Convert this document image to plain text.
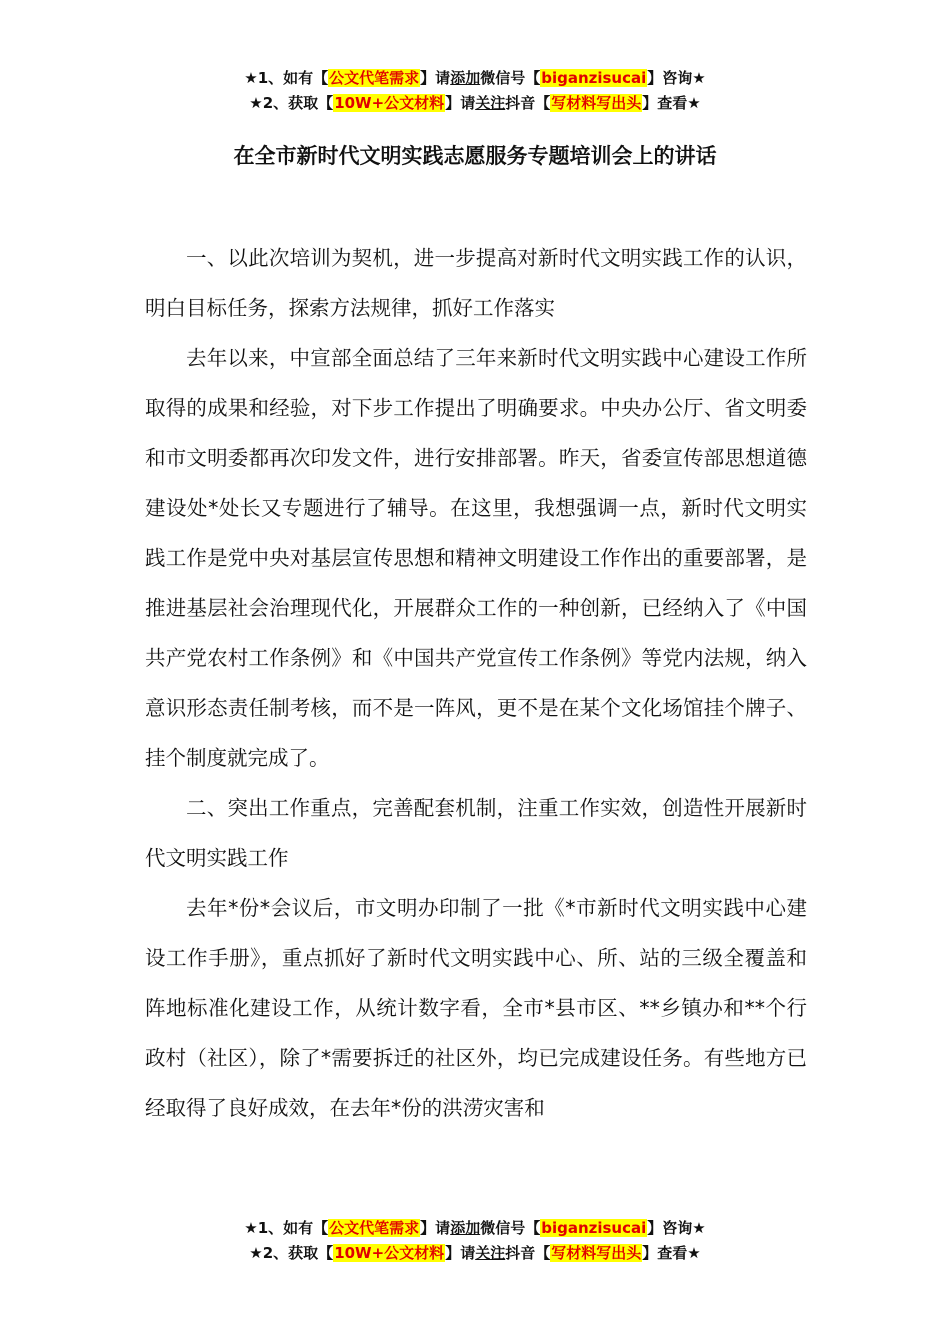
★1、如有【公文代笔需求】请添加微信号【biganzisucai】咨询★
★2、获取【10W+公文材料】请关注抖音【写材料写出头】查看★
在全市新时代文明实践志愿服务专题培训会上的讲话

一、以此次培训为契机，进一步提高对新时代文明实践工作的认识，明白目标任务，探索方法规律，抓好工作落实

去年以来，中宣部全面总结了三年来新时代文明实践中心建设工作所取得的成果和经验，对下步工作提出了明确要求。中央办公厅、省文明委和市文明委都再次印发文件，进行安排部署。昨天，省委宣传部思想道德建设处*处长又专题进行了辅导。在这里，我想强调一点，新时代文明实践工作是党中央对基层宣传思想和精神文明建设工作作出的重要部署，是推进基层社会治理现代化，开展群众工作的一种创新，已经纳入了《中国共产党农村工作条例》和《中国共产党宣传工作条例》等党内法规，纳入意识形态责任制考核，而不是一阵风，更不是在某个文化场馆挂个牌子、挂个制度就完成了。

二、突出工作重点，完善配套机制，注重工作实效，创造性开展新时代文明实践工作

去年*份*会议后，市文明办印制了一批《*市新时代文明实践中心建设工作手册》，重点抓好了新时代文明实践中心、所、站的三级全覆盖和阵地标准化建设工作，从统计数字看，全市*县市区、**乡镇办和**个行政村（社区），除了*需要拆迁的社区外，均已完成建设任务。有些地方已经取得了良好成效，在去年*份的洪涝灾害和

★1、如有【公文代笔需求】请添加微信号【biganzisucai】咨询★
★2、获取【10W+公文材料】请关注抖音【写材料写出头】查看★
